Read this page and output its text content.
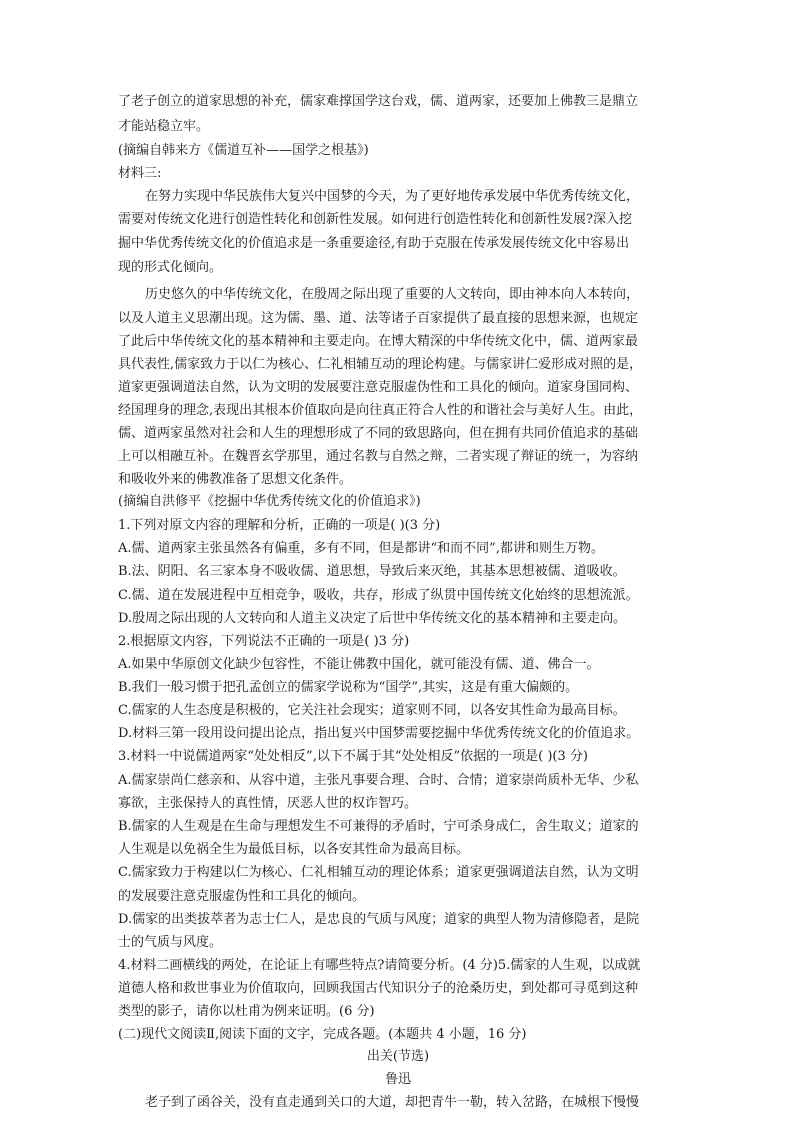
了老子创立的道家思想的补充，儒家难撑国学这台戏，儒、道两家，还要加上佛教三是鼎立
才能站稳立牢。
(摘编自韩来方《儒道互补——国学之根基》)
材料三:
在努力实现中华民族伟大复兴中国梦的今天，为了更好地传承发展中华优秀传统文化，
需要对传统文化进行创造性转化和创新性发展。如何进行创造性转化和创新性发展?深入挖
掘中华优秀传统文化的价值追求是一条重要途径,有助于克服在传承发展传统文化中容易出
现的形式化倾向。
历史悠久的中华传统文化，在殷周之际出现了重要的人文转向，即由神本向人本转向，
以及人道主义思潮出现。这为儒、墨、道、法等诸子百家提供了最直接的思想来源，也规定
了此后中华传统文化的基本精神和主要走向。在博大精深的中华传统文化中，儒、道两家最
具代表性,儒家致力于以仁为核心、仁礼相辅互动的理论构建。与儒家讲仁爱形成对照的是，
道家更强调道法自然，认为文明的发展要注意克服虚伪性和工具化的倾向。道家身国同构、
经国理身的理念,表现出其根本价值取向是向往真正符合人性的和谐社会与美好人生。由此，
儒、道两家虽然对社会和人生的理想形成了不同的致思路向，但在拥有共同价值追求的基础
上可以相融互补。在魏晋玄学那里，通过名教与自然之辩，二者实现了辩证的统一，为容纳
和吸收外来的佛教准备了思想文化条件。
(摘编自洪修平《挖掘中华优秀传统文化的价值追求》)
1.下列对原文内容的理解和分析，正确的一项是( )(3 分)
A.儒、道两家主张虽然各有偏重，多有不同，但是都讲“和而不同”,都讲和则生万物。
B.法、阴阳、名三家本身不吸收儒、道思想，导致后来灭绝，其基本思想被儒、道吸收。
C.儒、道在发展进程中互相竞争，吸收，共存，形成了纵贯中国传统文化始终的思想流派。
D.殷周之际出现的人文转向和人道主义决定了后世中华传统文化的基本精神和主要走向。
2.根据原文内容，下列说法不正确的一项是( )3 分)
A.如果中华原创文化缺少包容性，不能让佛教中国化，就可能没有儒、道、佛合一。
B.我们一般习惯于把孔孟创立的儒家学说称为“国学”,其实，这是有重大偏颇的。
C.儒家的人生态度是积极的，它关注社会现实；道家则不同，以各安其性命为最高目标。
D.材料三第一段用设问提出论点，指出复兴中国梦需要挖掘中华优秀传统文化的价值追求。
3.材料一中说儒道两家“处处相反”,以下不属于其“处处相反”依据的一项是( )(3 分)
A.儒家崇尚仁慈亲和、从容中道，主张凡事要合理、合时、合情；道家崇尚质朴无华、少私
寡欲，主张保持人的真性情，厌恶人世的权诈智巧。
B.儒家的人生观是在生命与理想发生不可兼得的矛盾时，宁可杀身成仁，舍生取义；道家的
人生观是以免祸全生为最低目标，以各安其性命为最高目标。
C.儒家致力于构建以仁为核心、仁礼相辅互动的理论体系；道家更强调道法自然，认为文明
的发展要注意克服虚伪性和工具化的倾向。
D.儒家的出类拔萃者为志士仁人，是忠良的气质与风度；道家的典型人物为清修隐者，是院
士的气质与风度。
4.材料二画横线的两处，在论证上有哪些特点?请简要分析。(4 分)5.儒家的人生观，以成就
道德人格和救世事业为价值取向，回顾我国古代知识分子的沧桑历史，到处都可寻觅到这种
类型的影子，请你以杜甫为例来证明。(6 分)
(二)现代文阅读Ⅱ,阅读下面的文字，完成各题。(本题共 4 小题，16 分)
出关(节选)
鲁迅
老子到了函谷关，没有直走通到关口的大道，却把青牛一勒，转入岔路，在城根下慢慢
